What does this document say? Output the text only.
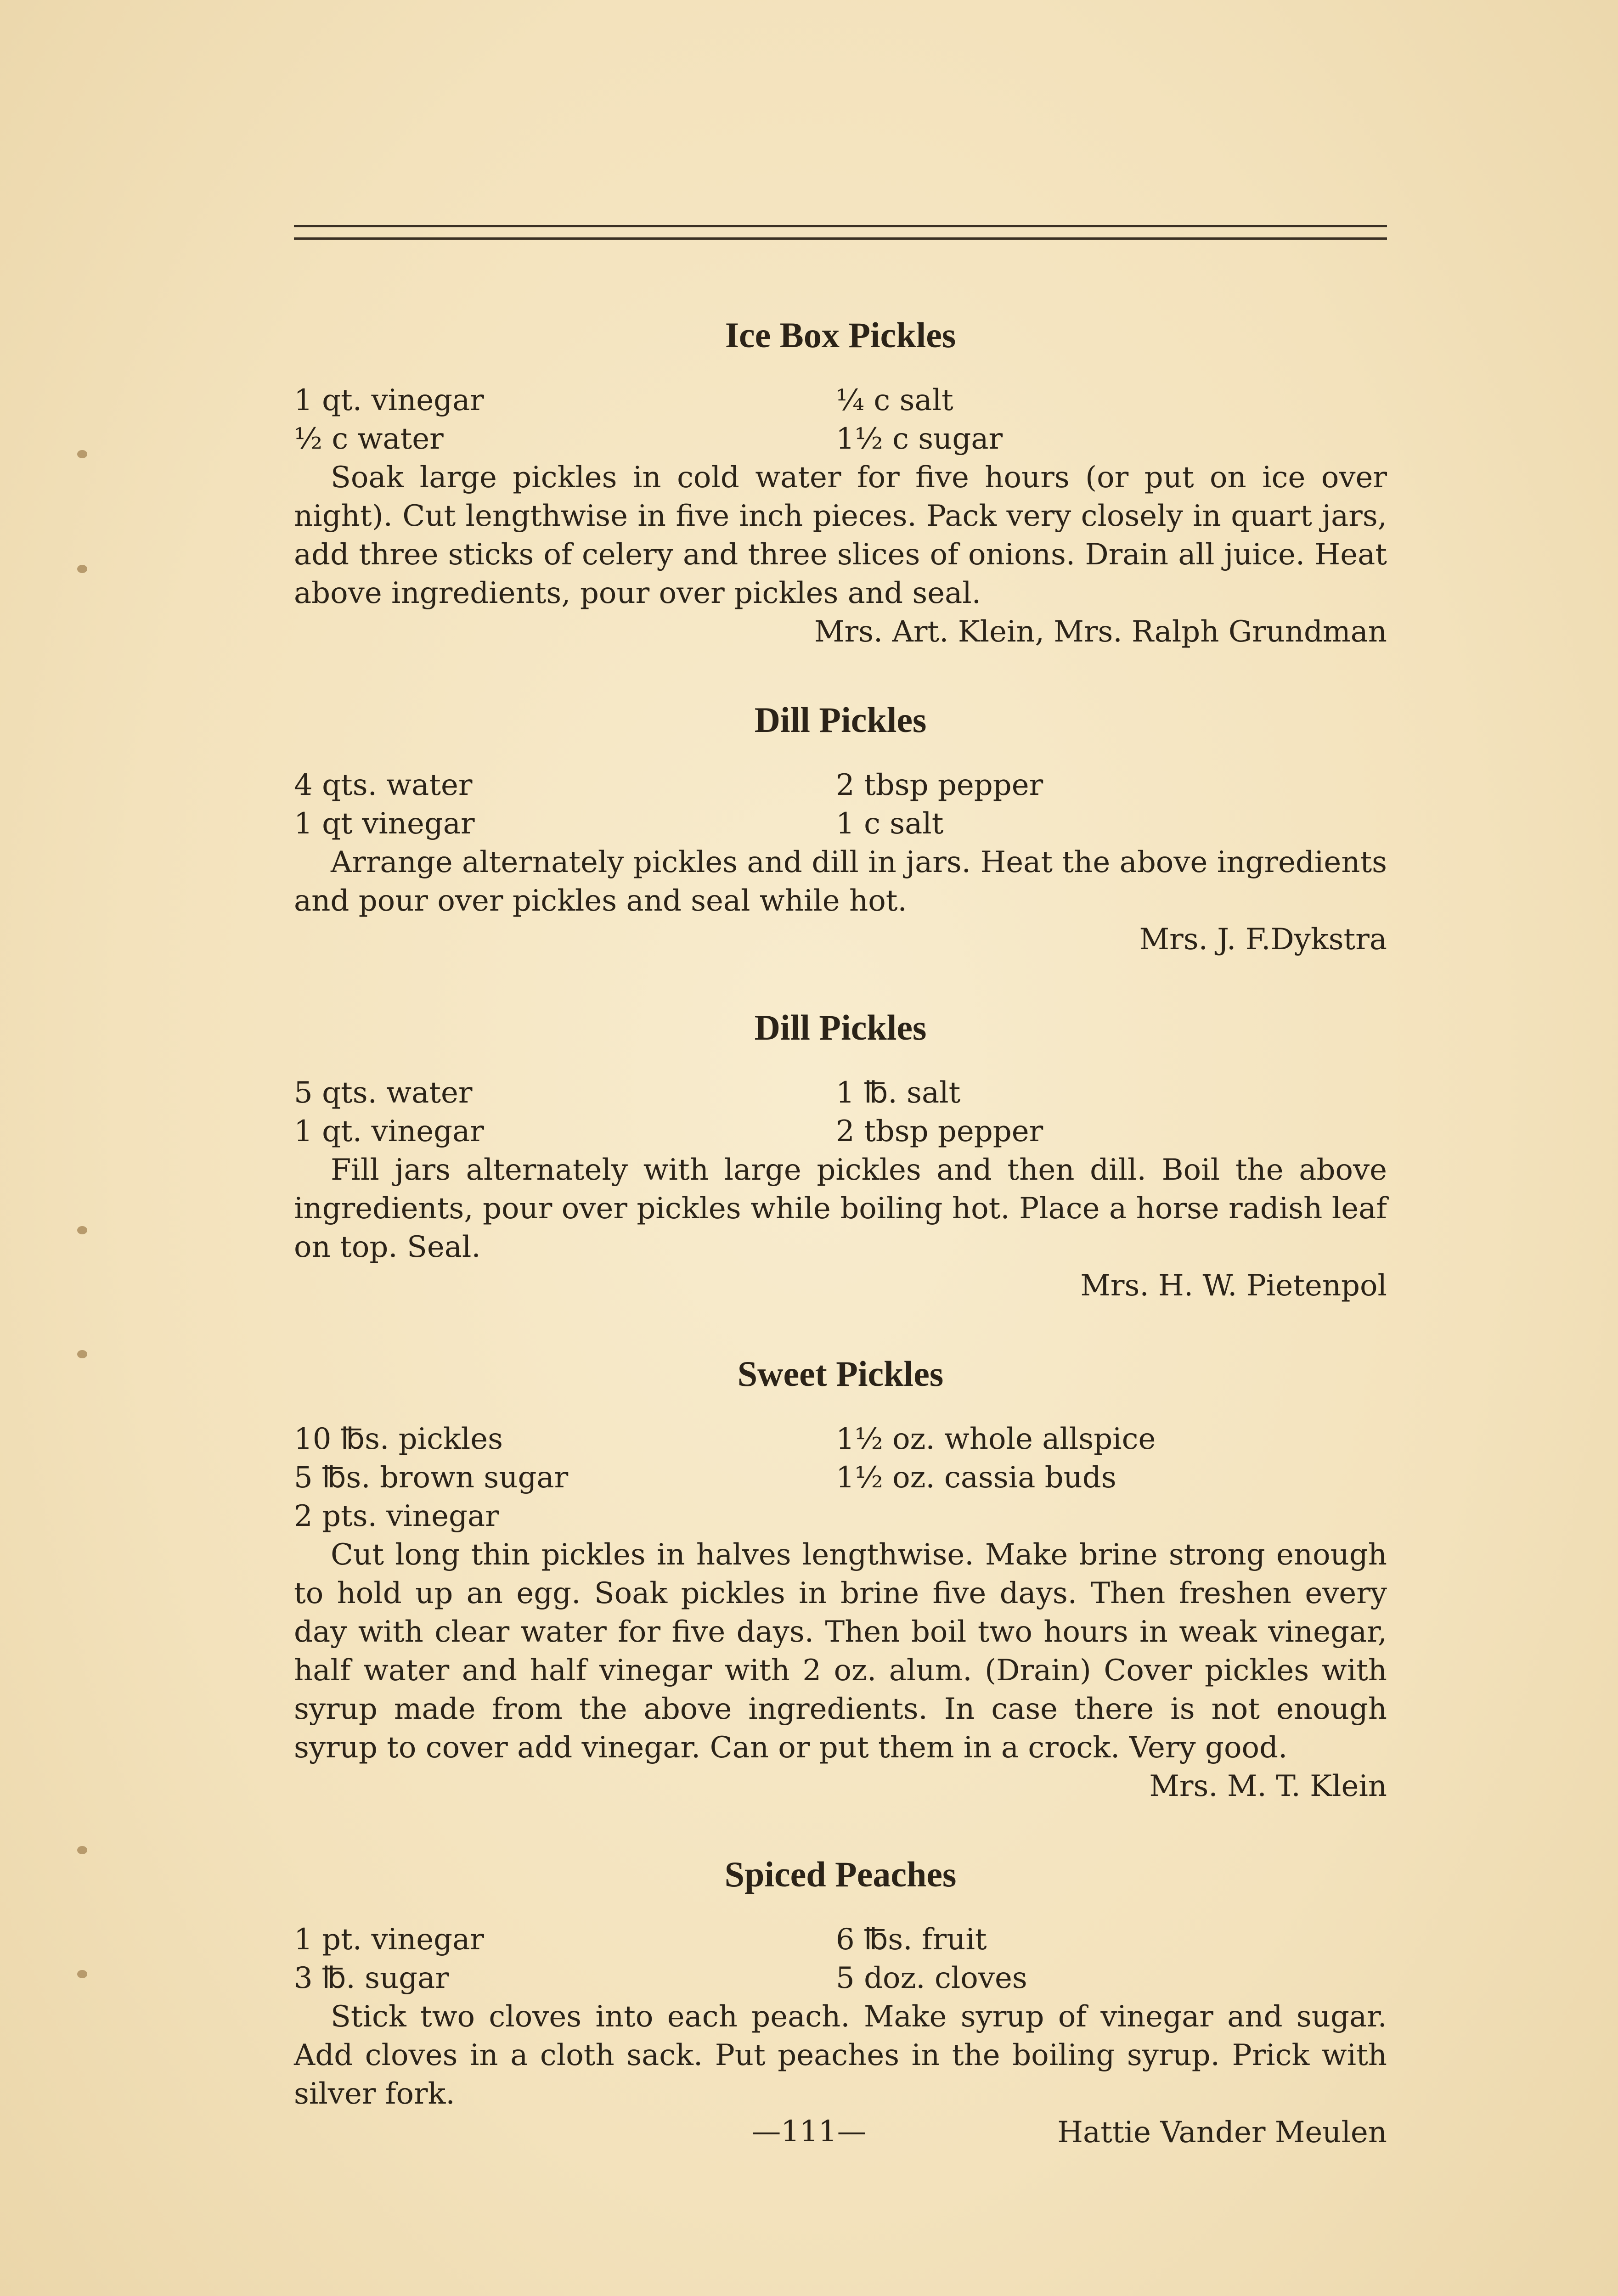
Ice Box Pickles
1 qt. vinegar	¼ c salt
½ c water	1½ c sugar

Soak large pickles in cold water for five hours (or put on ice over night). Cut lengthwise in five inch pieces. Pack very closely in quart jars, add three sticks of celery and three slices of onions. Drain all juice. Heat above ingredients, pour over pickles and seal.

Mrs. Art. Klein, Mrs. Ralph Grundman

Dill Pickles
4 qts. water	2 tbsp pepper
1 qt vinegar	1 c salt

Arrange alternately pickles and dill in jars. Heat the above ingredients and pour over pickles and seal while hot.

Mrs. J. F.Dykstra

Dill Pickles
5 qts. water	1 ℔. salt
1 qt. vinegar	2 tbsp pepper

Fill jars alternately with large pickles and then dill. Boil the above ingredients, pour over pickles while boiling hot. Place a horse radish leaf on top. Seal.

Mrs. H. W. Pietenpol

Sweet Pickles
10 ℔s. pickles	1½ oz. whole allspice
5 ℔s. brown sugar	1½ oz. cassia buds
2 pts. vinegar

Cut long thin pickles in halves lengthwise. Make brine strong enough to hold up an egg. Soak pickles in brine five days. Then freshen every day with clear water for five days. Then boil two hours in weak vinegar, half water and half vinegar with 2 oz. alum. (Drain) Cover pickles with syrup made from the above ingredients. In case there is not enough syrup to cover add vinegar. Can or put them in a crock. Very good.

Mrs. M. T. Klein

Spiced Peaches
1 pt. vinegar	6 ℔s. fruit
3 ℔. sugar	5 doz. cloves

Stick two cloves into each peach. Make syrup of vinegar and sugar. Add cloves in a cloth sack. Put peaches in the boiling syrup. Prick with silver fork.

Hattie Vander Meulen

—111—
